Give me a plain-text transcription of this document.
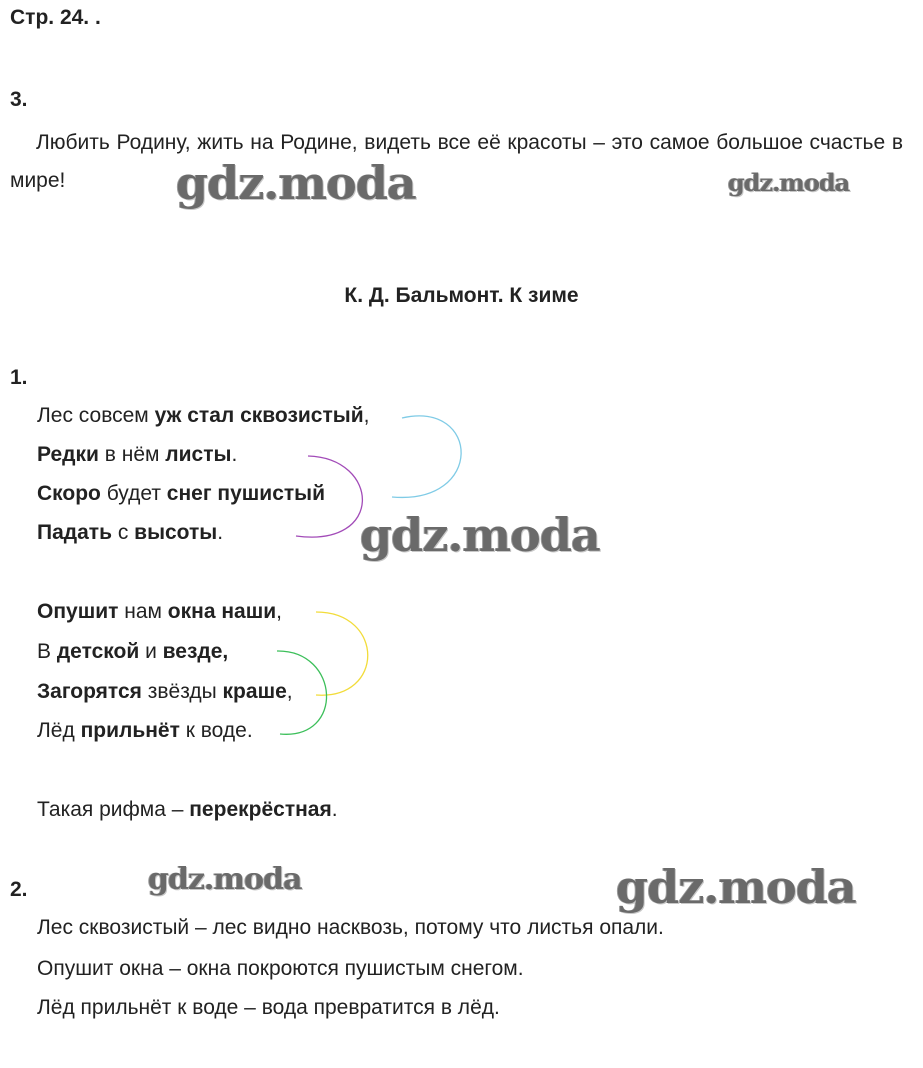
Стр. 24. .
3.
Любить Родину, жить на Родине, видеть все её красоты – это самое большое счастье в мире!
К. Д. Бальмонт. К зиме
1.
Лес совсем уж стал сквозистый,
Редки в нём листы.
Скоро будет снег пушистый
Падать с высоты.
Опушит нам окна наши,
В детской и везде,
Загорятся звёзды краше,
Лёд прильнёт к воде.
Такая рифма – перекрёстная.
2.
Лес сквозистый – лес видно насквозь, потому что листья опали.
Опушит окна – окна покроются пушистым снегом.
Лёд прильнёт к воде – вода превратится в лёд.
gdz.moda	gdz.moda
gdz.moda
gdz.moda	gdz.moda
